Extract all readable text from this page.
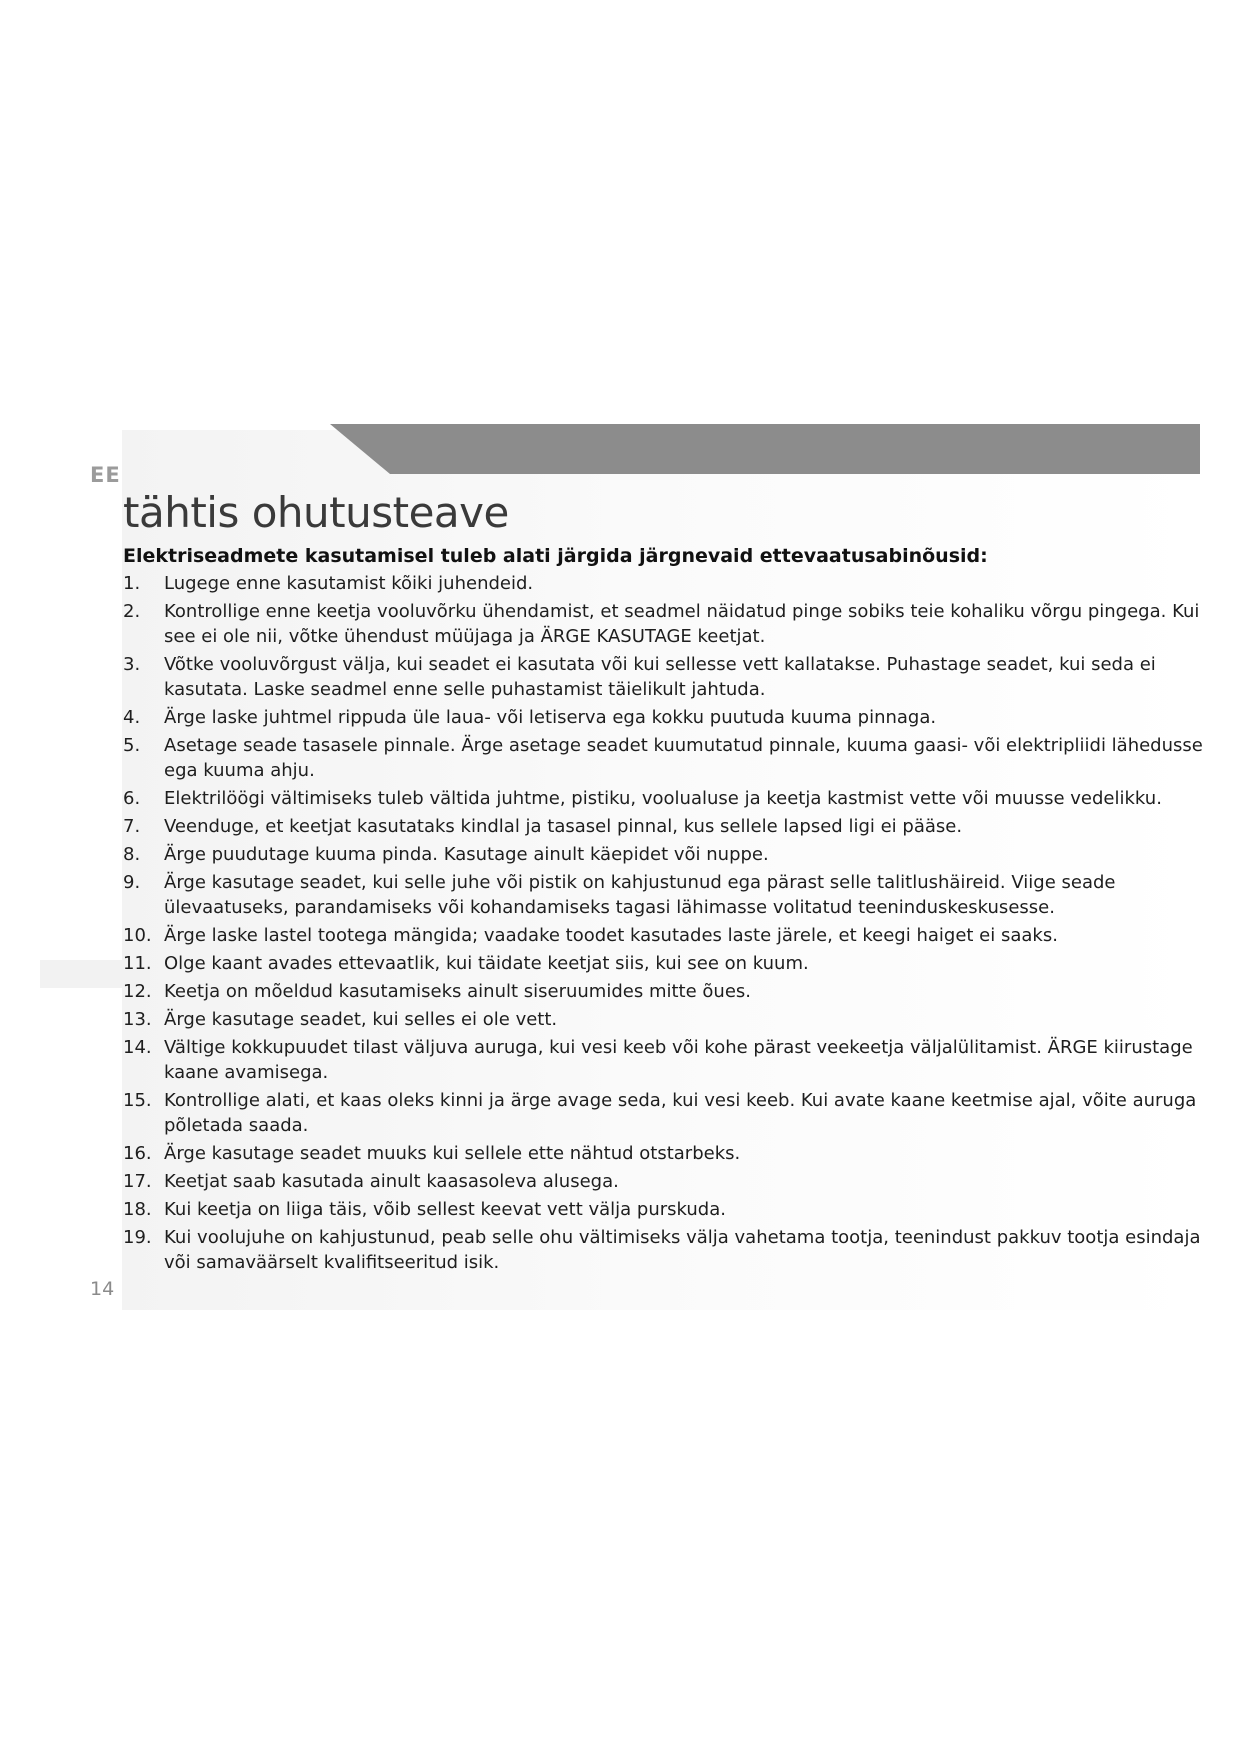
EE
tähtis ohutusteave

Elektriseadmete kasutamisel tuleb alati järgida järgnevaid ettevaatusabinõusid:

1. Lugege enne kasutamist kõiki juhendeid.
2. Kontrollige enne keetja vooluvõrku ühendamist, et seadmel näidatud pinge sobiks teie kohaliku võrgu pingega. Kui see ei ole nii, võtke ühendust müüjaga ja ÄRGE KASUTAGE keetjat.
3. Võtke vooluvõrgust välja, kui seadet ei kasutata või kui sellesse vett kallatakse. Puhastage seadet, kui seda ei kasutata. Laske seadmel enne selle puhastamist täielikult jahtuda.
4. Ärge laske juhtmel rippuda üle laua- või letiserva ega kokku puutuda kuuma pinnaga.
5. Asetage seade tasasele pinnale. Ärge asetage seadet kuumutatud pinnale, kuuma gaasi- või elektripliidi lähedusse ega kuuma ahju.
6. Elektrilöögi vältimiseks tuleb vältida juhtme, pistiku, voolualuse ja keetja kastmist vette või muusse vedelikku.
7. Veenduge, et keetjat kasutataks kindlal ja tasasel pinnal, kus sellele lapsed ligi ei pääse.
8. Ärge puudutage kuuma pinda. Kasutage ainult käepidet või nuppe.
9. Ärge kasutage seadet, kui selle juhe või pistik on kahjustunud ega pärast selle talitlushäireid. Viige seade ülevaatuseks, parandamiseks või kohandamiseks tagasi lähimasse volitatud teeninduskeskusesse.
10. Ärge laske lastel tootega mängida; vaadake toodet kasutades laste järele, et keegi haiget ei saaks.
11. Olge kaant avades ettevaatlik, kui täidate keetjat siis, kui see on kuum.
12. Keetja on mõeldud kasutamiseks ainult siseruumides mitte õues.
13. Ärge kasutage seadet, kui selles ei ole vett.
14. Vältige kokkupuudet tilast väljuva auruga, kui vesi keeb või kohe pärast veekeetja väljalülitamist. ÄRGE kiirustage kaane avamisega.
15. Kontrollige alati, et kaas oleks kinni ja ärge avage seda, kui vesi keeb. Kui avate kaane keetmise ajal, võite auruga põletada saada.
16. Ärge kasutage seadet muuks kui sellele ette nähtud otstarbeks.
17. Keetjat saab kasutada ainult kaasasoleva alusega.
18. Kui keetja on liiga täis, võib sellest keevat vett välja purskuda.
19. Kui voolujuhe on kahjustunud, peab selle ohu vältimiseks välja vahetama tootja, teenindust pakkuv tootja esindaja või samaväärselt kvalifitseeritud isik.
14
